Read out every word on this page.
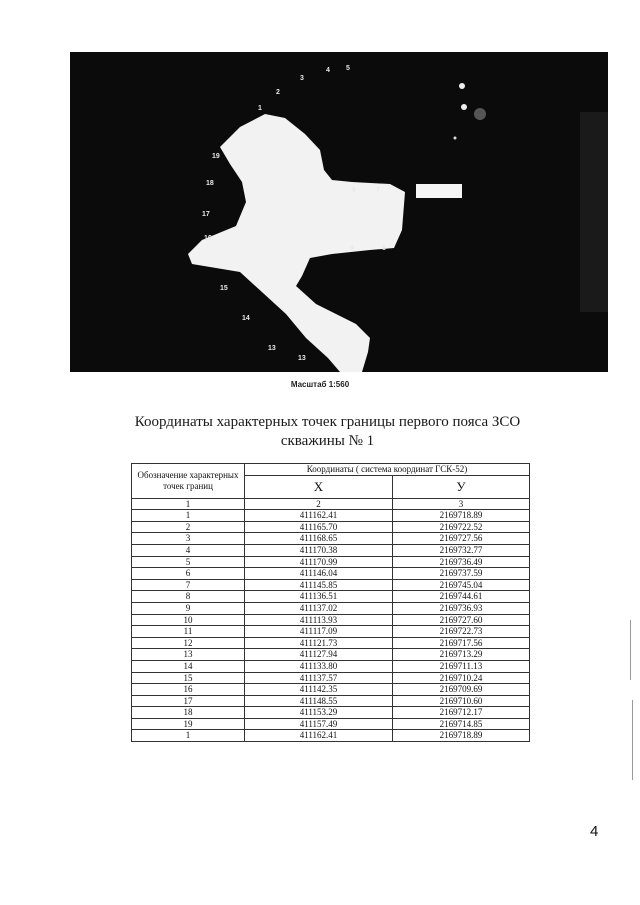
5
4
3
2
1
19
18
17
16
15
14
13
13
6	7
8
9
Масштаб 1:560
Координаты характерных точек границы первого пояса ЗСО
скважины № 1
Обозначение характерных точек границ	Координаты ( система координат ГСК-52)	
	X	У
1	2	3
1	411162.41	2169718.89
2	411165.70	2169722.52
3	411168.65	2169727.56
4	411170.38	2169732.77
5	411170.99	2169736.49
6	411146.04	2169737.59
7	411145.85	2169745.04
8	411136.51	2169744.61
9	411137.02	2169736.93
10	411113.93	2169727.60
11	411117.09	2169722.73
12	411121.73	2169717.56
13	411127.94	2169713.29
14	411133.80	2169711.13
15	411137.57	2169710.24
16	411142.35	2169709.69
17	411148.55	2169710.60
18	411153.29	2169712.17
19	411157.49	2169714.85
1	411162.41	2169718.89
4
